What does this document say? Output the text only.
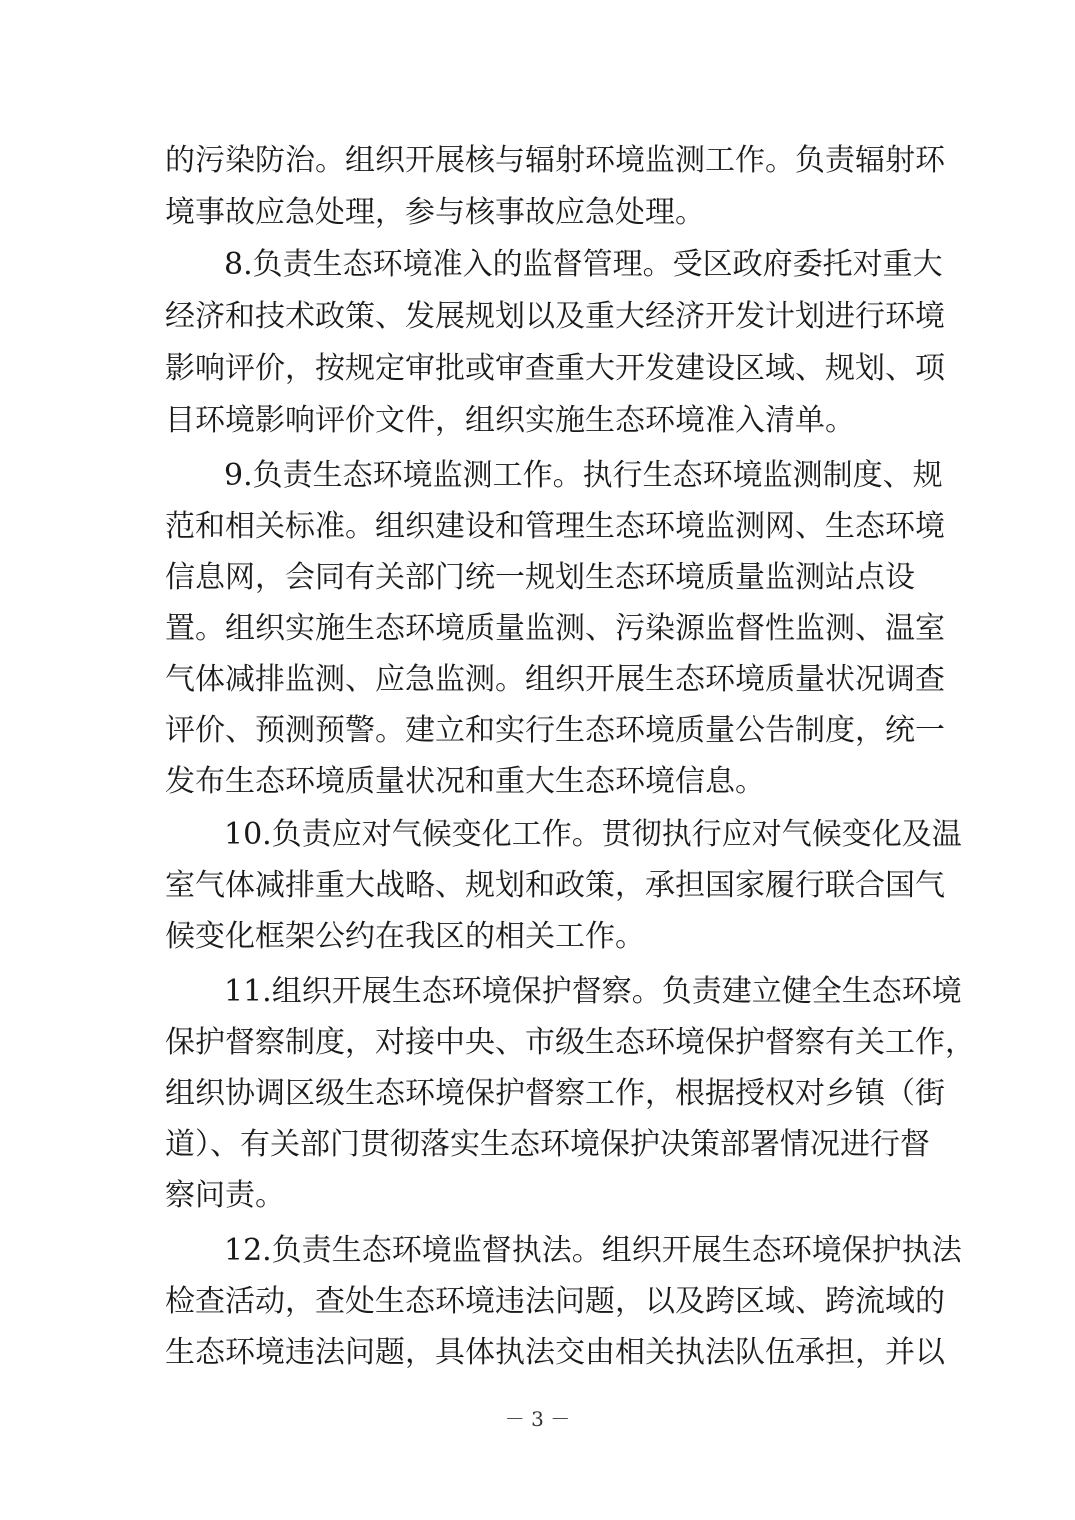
的污染防治。组织开展核与辐射环境监测工作。负责辐射环
境事故应急处理，参与核事故应急处理。
8.负责生态环境准入的监督管理。受区政府委托对重大
经济和技术政策、发展规划以及重大经济开发计划进行环境
影响评价，按规定审批或审查重大开发建设区域、规划、项
目环境影响评价文件，组织实施生态环境准入清单。
9.负责生态环境监测工作。执行生态环境监测制度、规
范和相关标准。组织建设和管理生态环境监测网、生态环境
信息网，会同有关部门统一规划生态环境质量监测站点设
置。组织实施生态环境质量监测、污染源监督性监测、温室
气体减排监测、应急监测。组织开展生态环境质量状况调查
评价、预测预警。建立和实行生态环境质量公告制度，统一
发布生态环境质量状况和重大生态环境信息。
10.负责应对气候变化工作。贯彻执行应对气候变化及温
室气体减排重大战略、规划和政策，承担国家履行联合国气
候变化框架公约在我区的相关工作。
11.组织开展生态环境保护督察。负责建立健全生态环境
保护督察制度，对接中央、市级生态环境保护督察有关工作，
组织协调区级生态环境保护督察工作，根据授权对乡镇（街
道）、有关部门贯彻落实生态环境保护决策部署情况进行督
察问责。
12.负责生态环境监督执法。组织开展生态环境保护执法
检查活动，查处生态环境违法问题，以及跨区域、跨流域的
生态环境违法问题，具体执法交由相关执法队伍承担，并以
－ 3 －
